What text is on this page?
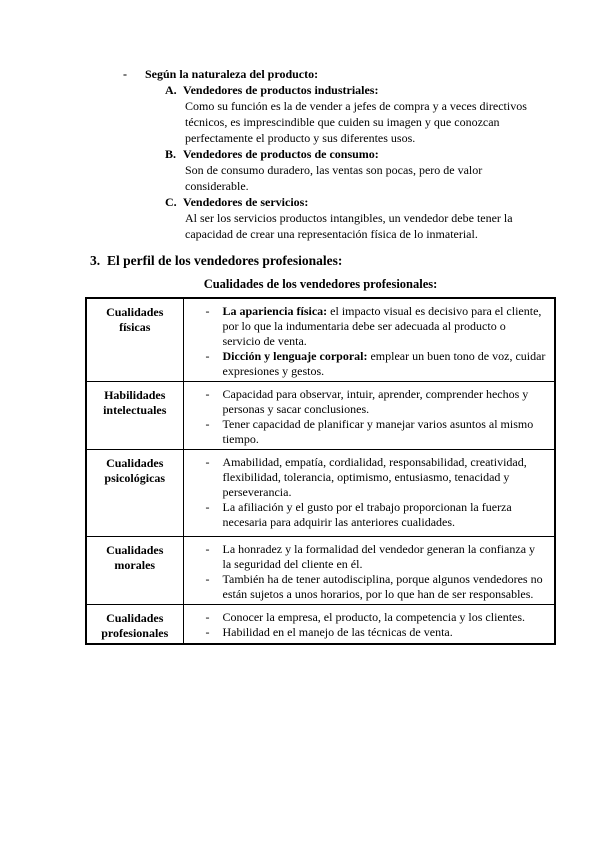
-	Según la naturaleza del producto:
A. Vendedores de productos industriales:
Como su función es la de vender a jefes de compra y a veces directivos técnicos, es imprescindible que cuiden su imagen y que conozcan perfectamente el producto y sus diferentes usos.
B. Vendedores de productos de consumo:
Son de consumo duradero, las ventas son pocas, pero de valor considerable.
C. Vendedores de servicios:
Al ser los servicios productos intangibles, un vendedor debe tener la capacidad de crear una representación física de lo inmaterial.
3. El perfil de los vendedores profesionales:
Cualidades de los vendedores profesionales:
Cualidades físicas	- La apariencia física: el impacto visual es decisivo para el cliente, por lo que la indumentaria debe ser adecuada al producto o servicio de venta.
- Dicción y lenguaje corporal: emplear un buen tono de voz, cuidar expresiones y gestos.

Habilidades intelectuales	- Capacidad para observar, intuir, aprender, comprender hechos y personas y sacar conclusiones.
- Tener capacidad de planificar y manejar varios asuntos al mismo tiempo.

Cualidades psicológicas	- Amabilidad, empatía, cordialidad, responsabilidad, creatividad, flexibilidad, tolerancia, optimismo, entusiasmo, tenacidad y perseverancia.
- La afiliación y el gusto por el trabajo proporcionan la fuerza necesaria para adquirir las anteriores cualidades.

Cualidades morales	- La honradez y la formalidad del vendedor generan la confianza y la seguridad del cliente en él.
- También ha de tener autodisciplina, porque algunos vendedores no están sujetos a unos horarios, por lo que han de ser responsables.

Cualidades profesionales	- Conocer la empresa, el producto, la competencia y los clientes.
- Habilidad en el manejo de las técnicas de venta.
